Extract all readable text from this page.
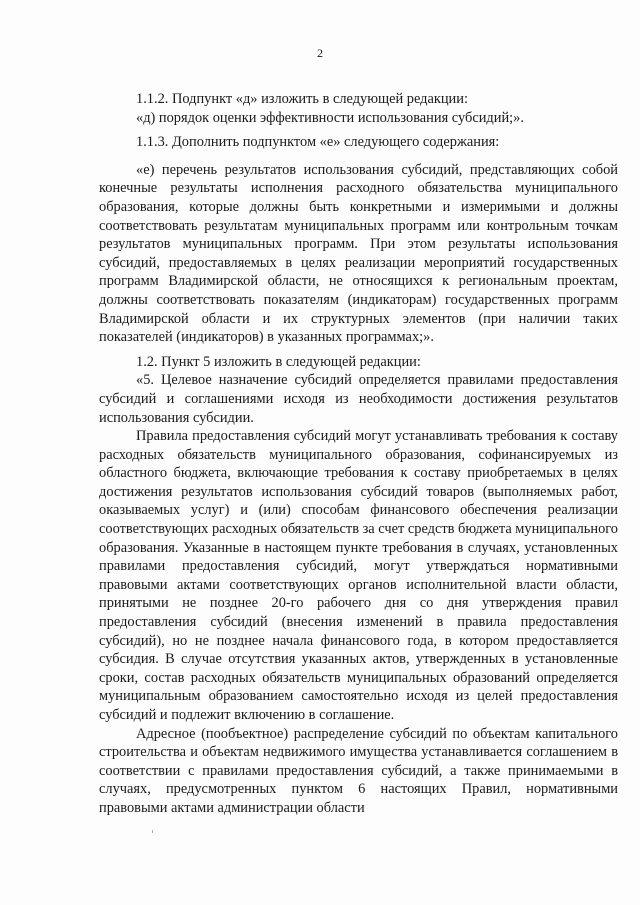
2

1.1.2. Подпункт «д» изложить в следующей редакции:

«д) порядок оценки эффективности использования субсидий;».

1.1.3. Дополнить подпунктом «е» следующего содержания:

«е) перечень результатов использования субсидий, представляющих собой конечные результаты исполнения расходного обязательства муниципального образования, которые должны быть конкретными и измеримыми и должны соответствовать результатам муниципальных программ или контрольным точкам результатов муниципальных программ. При этом результаты использования субсидий, предоставляемых в целях реализации мероприятий государственных программ Владимирской области, не относящихся к региональным проектам, должны соответствовать показателям (индикаторам) государственных программ Владимирской области и их структурных элементов (при наличии таких показателей (индикаторов) в указанных программах;».

1.2. Пункт 5 изложить в следующей редакции:

«5. Целевое назначение субсидий определяется правилами предоставления субсидий и соглашениями исходя из необходимости достижения результатов использования субсидии.

Правила предоставления субсидий могут устанавливать требования к составу расходных обязательств муниципального образования, софинансируемых из областного бюджета, включающие требования к составу приобретаемых в целях достижения результатов использования субсидий товаров (выполняемых работ, оказываемых услуг) и (или) способам финансового обеспечения реализации соответствующих расходных обязательств за счет средств бюджета муниципального образования. Указанные в настоящем пункте требования в случаях, установленных правилами предоставления субсидий, могут утверждаться нормативными правовыми актами соответствующих органов исполнительной власти области, принятыми не позднее 20-го рабочего дня со дня утверждения правил предоставления субсидий (внесения изменений в правила предоставления субсидий), но не позднее начала финансового года, в котором предоставляется субсидия. В случае отсутствия указанных актов, утвержденных в установленные сроки, состав расходных обязательств муниципальных образований определяется муниципальным образованием самостоятельно исходя из целей предоставления субсидий и подлежит включению в соглашение.

Адресное (пообъектное) распределение субсидий по объектам капитального строительства и объектам недвижимого имущества устанавливается соглашением в соответствии с правилами предоставления субсидий, а также принимаемыми в случаях, предусмотренных пунктом 6 настоящих Правил, нормативными правовыми актами администрации области
